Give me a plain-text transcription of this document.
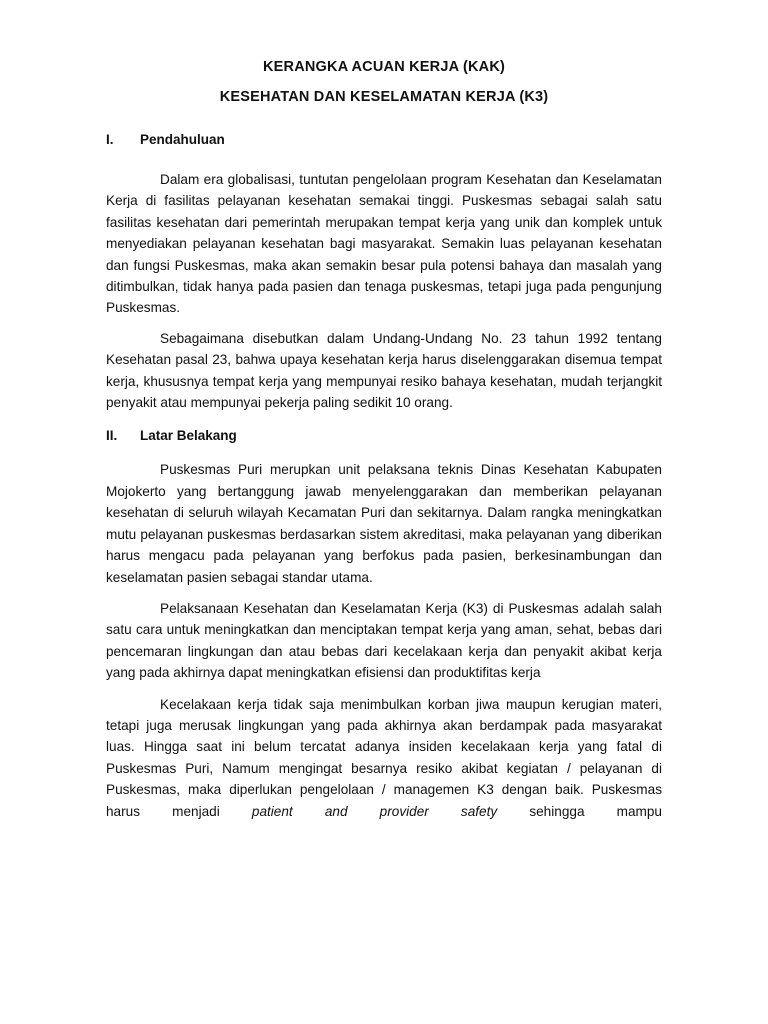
KERANGKA ACUAN KERJA (KAK)
KESEHATAN DAN KESELAMATAN KERJA (K3)
I.	Pendahuluan

Dalam era globalisasi, tuntutan pengelolaan program Kesehatan dan Keselamatan Kerja di fasilitas pelayanan kesehatan semakai tinggi. Puskesmas sebagai salah satu fasilitas kesehatan dari pemerintah merupakan tempat kerja yang unik dan komplek untuk menyediakan pelayanan kesehatan bagi masyarakat. Semakin luas pelayanan kesehatan dan fungsi Puskesmas, maka akan semakin besar pula potensi bahaya dan masalah yang ditimbulkan, tidak hanya pada pasien dan tenaga puskesmas, tetapi juga pada pengunjung Puskesmas.

Sebagaimana disebutkan dalam Undang-Undang No. 23 tahun 1992 tentang Kesehatan pasal 23, bahwa upaya kesehatan kerja harus diselenggarakan disemua tempat kerja, khususnya tempat kerja yang mempunyai resiko bahaya kesehatan, mudah terjangkit penyakit atau mempunyai pekerja paling sedikit 10 orang.

II.	Latar Belakang

Puskesmas Puri merupkan unit pelaksana teknis Dinas Kesehatan Kabupaten Mojokerto yang bertanggung jawab menyelenggarakan dan memberikan pelayanan kesehatan di seluruh wilayah Kecamatan Puri dan sekitarnya. Dalam rangka meningkatkan mutu pelayanan puskesmas berdasarkan sistem akreditasi, maka pelayanan yang diberikan harus mengacu pada pelayanan yang berfokus pada pasien, berkesinambungan dan keselamatan pasien sebagai standar utama.

Pelaksanaan Kesehatan dan Keselamatan Kerja (K3) di Puskesmas adalah salah satu cara untuk meningkatkan dan menciptakan tempat kerja yang aman, sehat, bebas dari pencemaran lingkungan dan atau bebas dari kecelakaan kerja dan penyakit akibat kerja yang pada akhirnya dapat meningkatkan efisiensi dan produktifitas kerja

Kecelakaan kerja tidak saja menimbulkan korban jiwa maupun kerugian materi, tetapi juga merusak lingkungan yang pada akhirnya akan berdampak pada masyarakat luas. Hingga saat ini belum tercatat adanya insiden kecelakaan kerja yang fatal di Puskesmas Puri, Namum mengingat besarnya resiko akibat kegiatan / pelayanan di Puskesmas, maka diperlukan pengelolaan / managemen K3 dengan baik. Puskesmas harus menjadi patient and provider safety sehingga mampu
